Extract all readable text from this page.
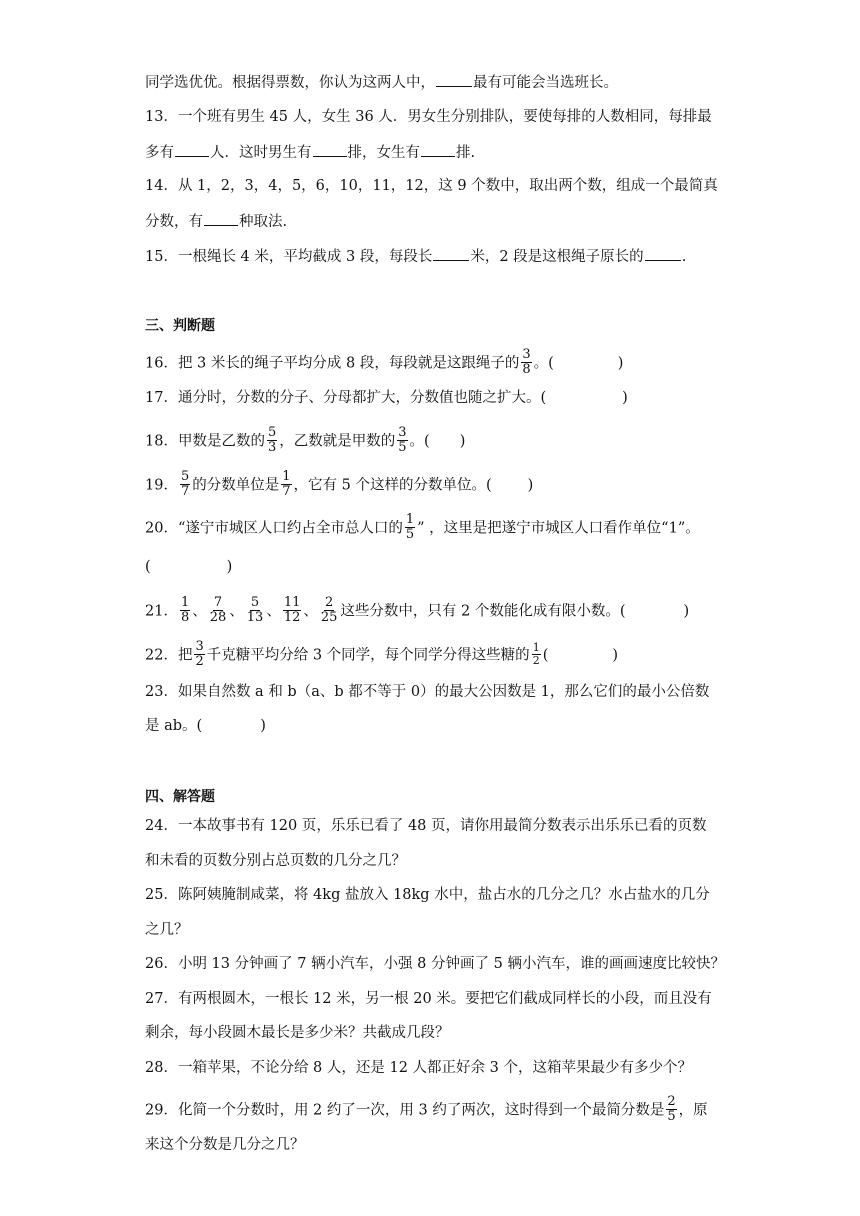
同学选优优。根据得票数，你认为这两人中，	最有可能会当选班长。
13．一个班有男生 45 人，女生 36 人．男女生分别排队，要使每排的人数相同，每排最
多有 人．这时男生有 排，女生有 排.
14．从 1，2，3，4，5，6，10，11，12，这 9 个数中，取出两个数，组成一个最简真
分数，有 种取法.
15．一根绳长 4 米，平均截成 3 段，每段长	米，2 段是这根绳子原长的	.
三、判断题
16．把 3 米长的绳子平均分成 8 段，每段就是这跟绳子的 $\frac{3}{8}$ 。(	)
17．通分时，分数的分子、分母都扩大，分数值也随之扩大。(	)
18．甲数是乙数的 $\frac{5}{3}$ ，乙数就是甲数的 $\frac{3}{5}$ 。( )
19． $\frac{5}{7}$ 的分数单位是 $\frac{1}{7}$ ，它有 5 个这样的分数单位。( )
20．“遂宁市城区人口约占全市总人口的 $\frac{1}{5}$ ” ，这里是把遂宁市城区人口看作单位“1”。
(	)
21． $\frac{1}{8}$ 、 $\frac{7}{28}$ 、 $\frac{5}{13}$ 、 $\frac{11}{12}$ 、 $\frac{2}{25}$ 这些分数中，只有 2 个数能化成有限小数。(	)
22．把 $\frac{3}{2}$ 千克糖平均分给 3 个同学，每个同学分得这些糖的 $\frac{1}{2}$ (	)
23．如果自然数 a 和 b（a、b 都不等于 0）的最大公因数是 1，那么它们的最小公倍数
是 ab。(	)
四、解答题
24．一本故事书有 120 页，乐乐已看了 48 页，请你用最简分数表示出乐乐已看的页数
和未看的页数分别占总页数的几分之几？
25．陈阿姨腌制咸菜，将 4kg 盐放入 18kg 水中，盐占水的几分之几？水占盐水的几分
之几？
26．小明 13 分钟画了 7 辆小汽车，小强 8 分钟画了 5 辆小汽车，谁的画画速度比较快？
27．有两根圆木，一根长 12 米，另一根 20 米。要把它们截成同样长的小段，而且没有
剩余，每小段圆木最长是多少米？共截成几段？
28．一箱苹果，不论分给 8 人，还是 12 人都正好余 3 个，这箱苹果最少有多少个？
29．化简一个分数时，用 2 约了一次，用 3 约了两次，这时得到一个最简分数是 $\frac{2}{5}$ ，原
来这个分数是几分之几？
